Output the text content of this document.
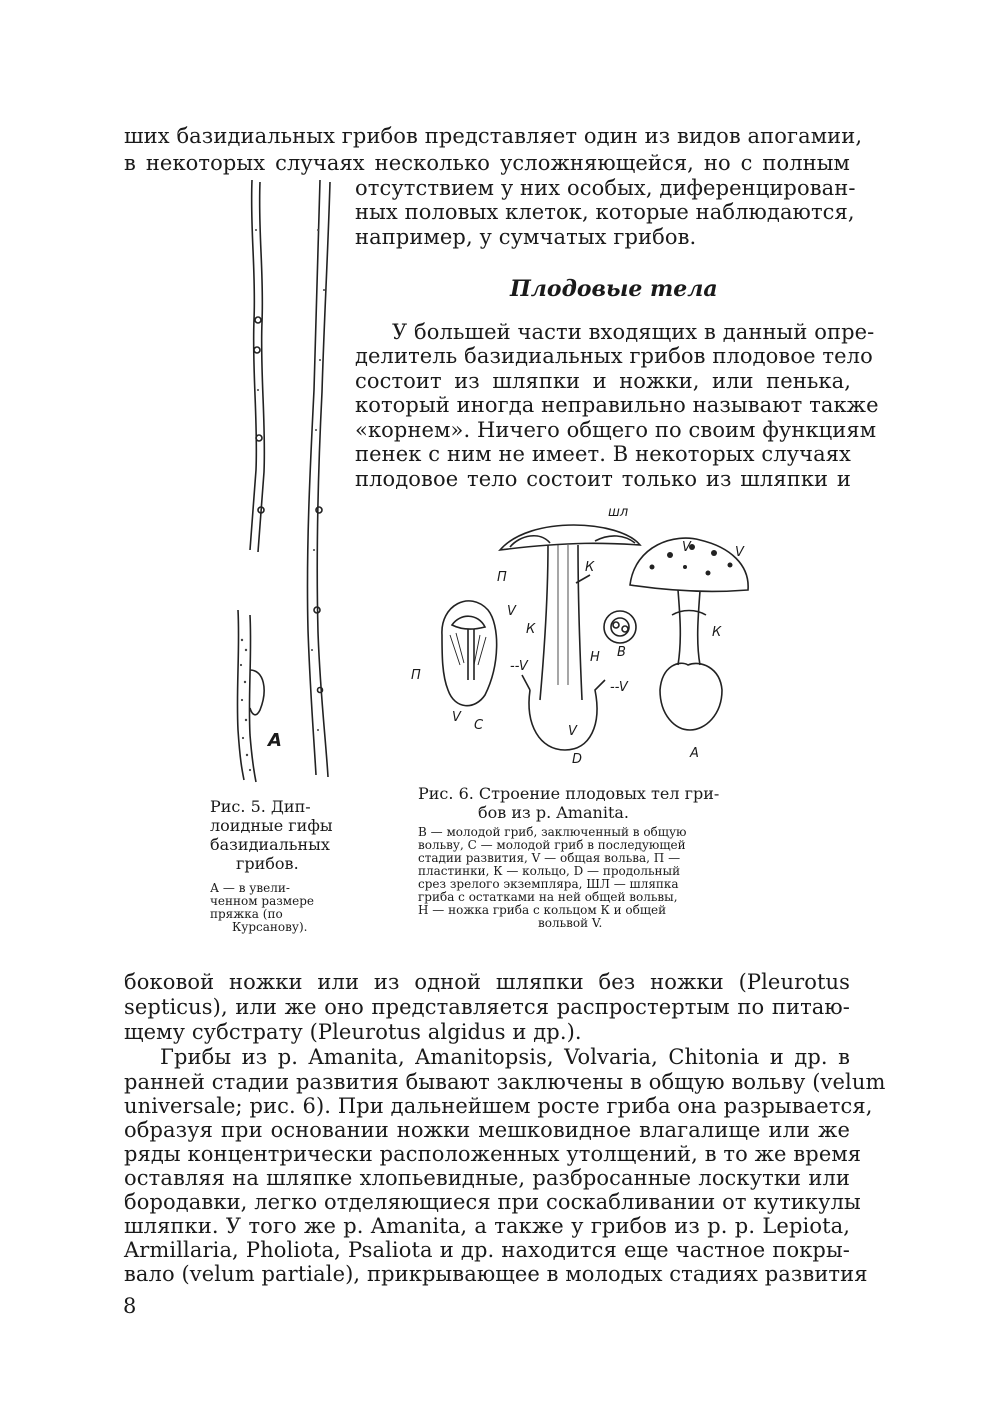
ших базидиальных грибов представляет один из видов апогамии,
в некоторых случаях несколько усложняющейся, но с полным
отсутствием у них особых, диференцирован-
ных половых клеток, которые наблюдаются,
например, у сумчатых грибов.
Плодовые тела
У большей части входящих в данный опре-
делитель базидиальных грибов плодовое тело
состоит из шляпки и ножки, или пенька,
который иногда неправильно называют также
«корнем». Ничего общего по своим функциям
пенек с ним не имеет. В некоторых случаях
плодовое тело состоит только из шляпки и
А
Рис. 5. Дип-
лоидные гифы
базидиальных
грибов.
А — в увели-
ченном размере
пряжка (по
Курсанову).
шл
П
К
V	V
V
П
К
--V
Н В
--V
К
V
С	V
D	А
Рис. 6. Строение плодовых тел гри-
бов из р. Amanita.
B — молодой гриб, заключенный в общую
вольву, С — молодой гриб в последующей
стадии развития, V — общая вольва, П —
пластинки, К — кольцо, D — продольный
срез зрелого экземпляра, ШЛ — шляпка
гриба с остатками на ней общей вольвы,
Н — ножка гриба с кольцом К и общей
вольвой V.
боковой ножки или из одной шляпки без ножки (Pleurotus
septicus), или же оно представляется распростертым по питаю-
щему субстрату (Pleurotus algidus и др.).
Грибы из р. Amanita, Amanitopsis, Volvaria, Chitonia и др. в
ранней стадии развития бывают заключены в общую вольву (velum
universale; рис. 6). При дальнейшем росте гриба она разрывается,
образуя при основании ножки мешковидное влагалище или же
ряды концентрически расположенных утолщений, в то же время
оставляя на шляпке хлопьевидные, разбросанные лоскутки или
бородавки, легко отделяющиеся при соскабливании от кутикулы
шляпки. У того же р. Amanita, а также у грибов из р. р. Lepiota,
Armillaria, Pholiota, Psaliota и др. находится еще частное покры-
вало (velum partiale), прикрывающее в молодых стадиях развития
8
